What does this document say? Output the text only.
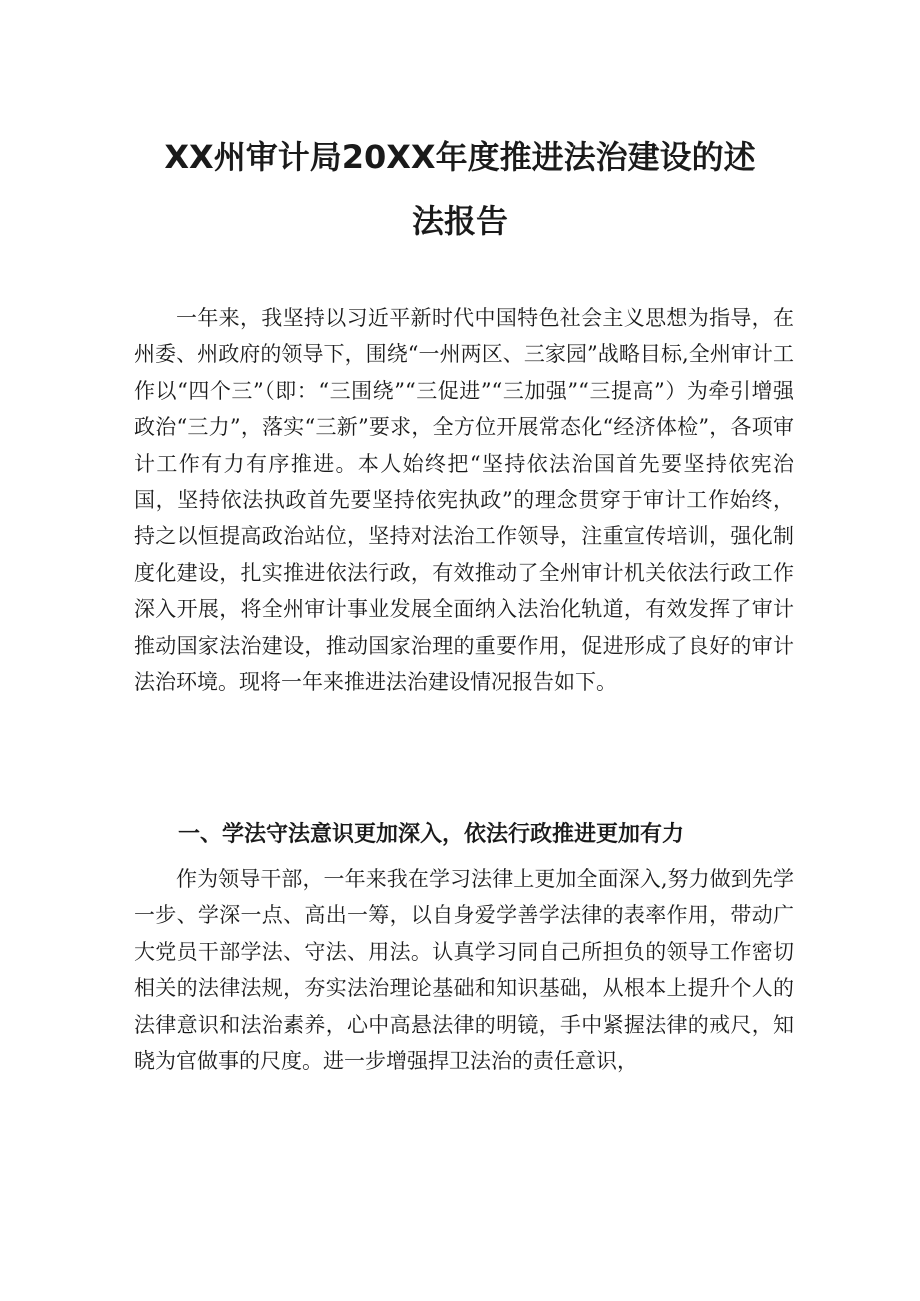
XX州审计局20XX年度推进法治建设的述
法报告

一年来，我坚持以习近平新时代中国特色社会主义思想为指导，在州委、州政府的领导下，围绕“一州两区、三家园”战略目标,全州审计工作以“四个三”（即：“三围绕”“三促进”“三加强”“三提高”）为牵引增强政治“三力”，落实“三新”要求，全方位开展常态化“经济体检”，各项审计工作有力有序推进。本人始终把“坚持依法治国首先要坚持依宪治国，坚持依法执政首先要坚持依宪执政”的理念贯穿于审计工作始终，持之以恒提高政治站位，坚持对法治工作领导，注重宣传培训，强化制度化建设，扎实推进依法行政，有效推动了全州审计机关依法行政工作深入开展，将全州审计事业发展全面纳入法治化轨道，有效发挥了审计推动国家法治建设，推动国家治理的重要作用，促进形成了良好的审计法治环境。现将一年来推进法治建设情况报告如下。

一、学法守法意识更加深入，依法行政推进更加有力

作为领导干部，一年来我在学习法律上更加全面深入,努力做到先学一步、学深一点、高出一筹，以自身爱学善学法律的表率作用，带动广大党员干部学法、守法、用法。认真学习同自己所担负的领导工作密切相关的法律法规，夯实法治理论基础和知识基础，从根本上提升个人的法律意识和法治素养，心中高悬法律的明镜，手中紧握法律的戒尺，知晓为官做事的尺度。进一步增强捍卫法治的责任意识，
